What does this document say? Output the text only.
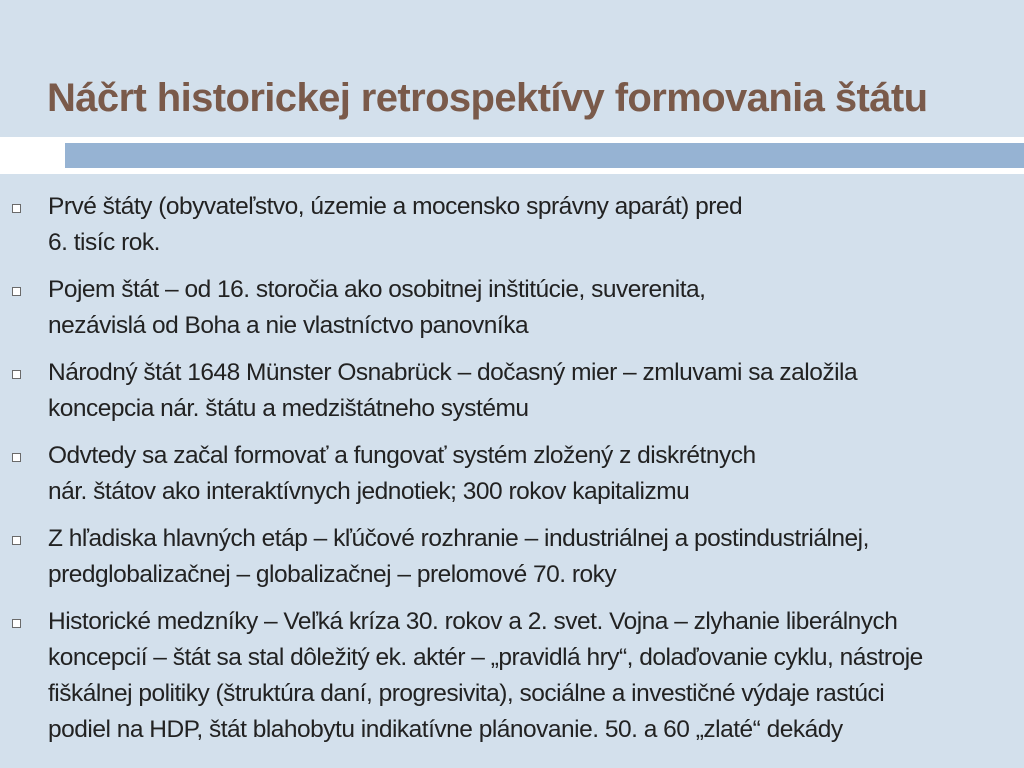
Náčrt historickej retrospektívy formovania štátu
Prvé štáty (obyvateľstvo, územie a mocensko správny aparát) pred
6. tisíc rok.
Pojem štát – od 16. storočia ako osobitnej inštitúcie, suverenita,
nezávislá od Boha a nie vlastníctvo panovníka
Národný štát 1648 Münster Osnabrück – dočasný mier – zmluvami sa založila
koncepcia nár. štátu a medzištátneho systému
Odvtedy sa začal formovať a fungovať systém zložený z diskrétnych
nár. štátov ako interaktívnych jednotiek; 300 rokov kapitalizmu
Z hľadiska hlavných etáp – kľúčové rozhranie – industriálnej a postindustriálnej,
predglobalizačnej – globalizačnej – prelomové 70. roky
Historické medzníky – Veľká kríza 30. rokov a 2. svet. Vojna – zlyhanie liberálnych
koncepcií – štát sa stal dôležitý ek. aktér – „pravidlá hry“, dolaďovanie cyklu, nástroje
fiškálnej politiky (štruktúra daní, progresivita), sociálne a investičné výdaje rastúci
podiel na HDP, štát blahobytu indikatívne plánovanie. 50. a 60 „zlaté“ dekády
